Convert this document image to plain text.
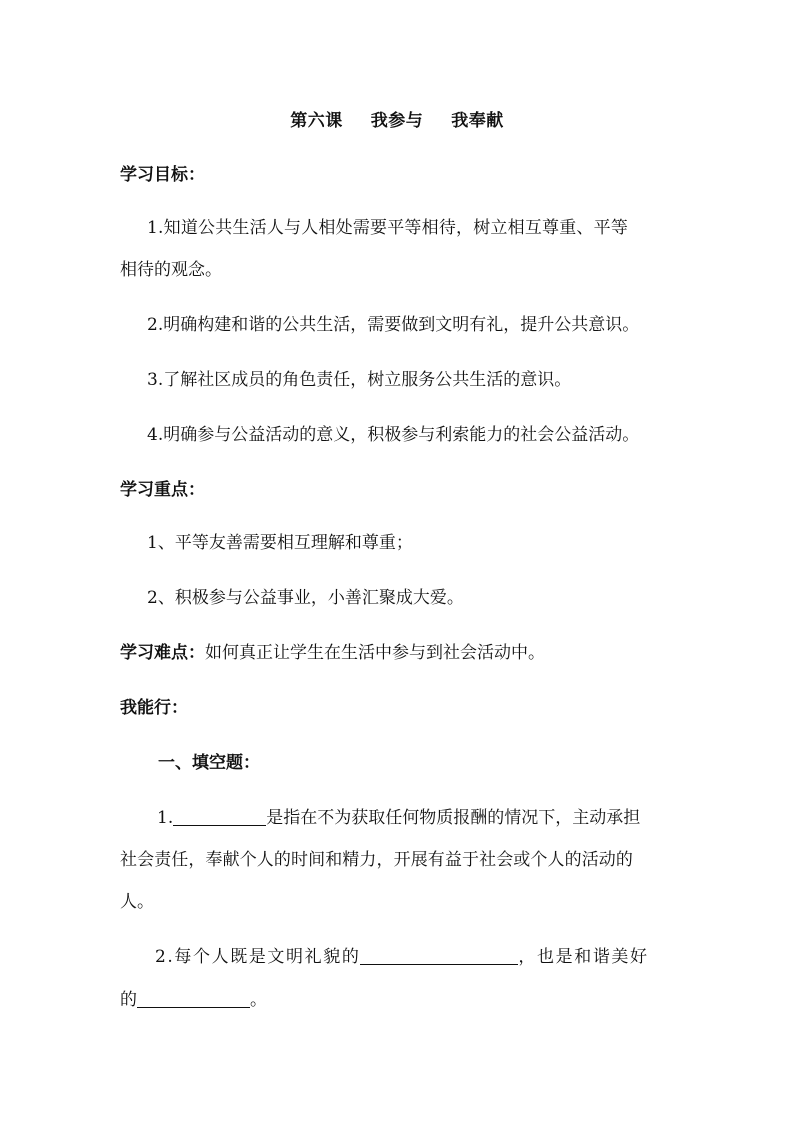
第六课 我参与 我奉献
学习目标：
1.知道公共生活人与人相处需要平等相待，树立相互尊重、平等
相待的观念。
2.明确构建和谐的公共生活，需要做到文明有礼，提升公共意识。
3.了解社区成员的角色责任，树立服务公共生活的意识。
4.明确参与公益活动的意义，积极参与利索能力的社会公益活动。
学习重点：
1、平等友善需要相互理解和尊重；
2、积极参与公益事业，小善汇聚成大爱。
学习难点：如何真正让学生在生活中参与到社会活动中。
我能行：
一、填空题：
1.	是指在不为获取任何物质报酬的情况下，主动承担
社会责任，奉献个人的时间和精力，开展有益于社会或个人的活动的
人。
2.每个人既是文明礼貌的	，也是和谐美好
的	。
